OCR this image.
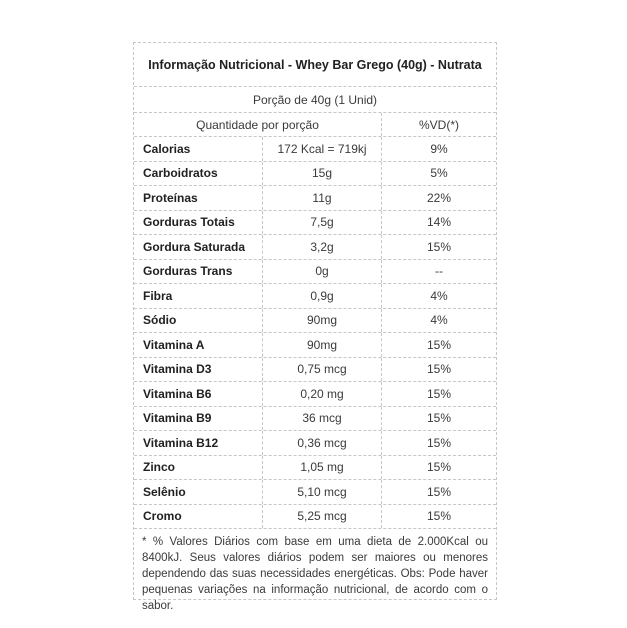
Informação Nutricional - Whey Bar Grego (40g) - Nutrata
Porção de 40g (1 Unid)
Quantidade por porção	%VD(*)
Calorias	172 Kcal = 719kj	9%
Carboidratos	15g	5%
Proteínas	11g	22%
Gorduras Totais	7,5g	14%
Gordura Saturada	3,2g	15%
Gorduras Trans	0g	--
Fibra	0,9g	4%
Sódio	90mg	4%
Vitamina A	90mg	15%
Vitamina D3	0,75 mcg	15%
Vitamina B6	0,20 mg	15%
Vitamina B9	36 mcg	15%
Vitamina B12	0,36 mcg	15%
Zinco	1,05 mg	15%
Selênio	5,10 mcg	15%
Cromo	5,25 mcg	15%
* % Valores Diários com base em uma dieta de 2.000Kcal ou 8400kJ. Seus valores diários podem ser maiores ou menores dependendo das suas necessidades energéticas. Obs: Pode haver pequenas variações na informação nutricional, de acordo com o sabor.
